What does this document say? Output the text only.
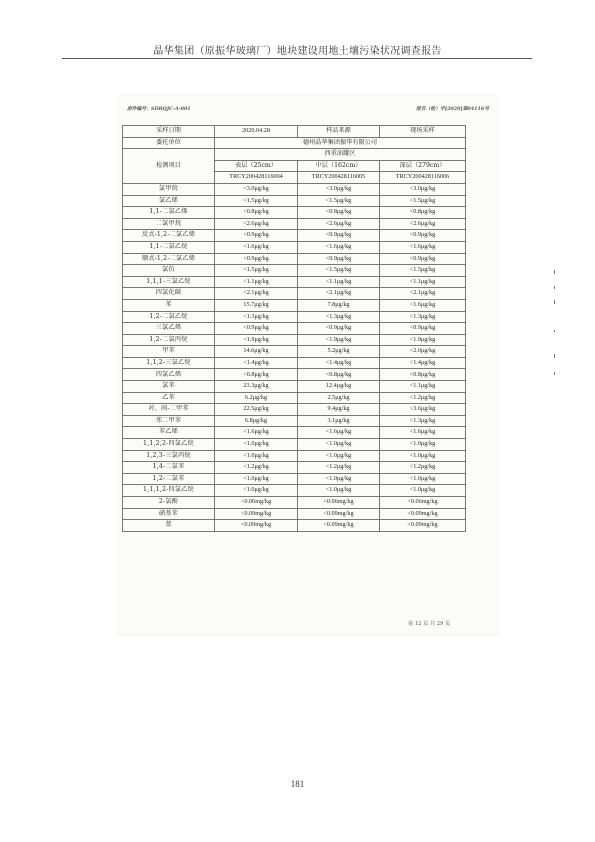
晶华集团（原振华玻璃厂）地块建设用地土壤污染状况调查报告
原件编号：SDBQJC-A-001	报告（检）字[2020]第04116号
采样日期	2020.04.28	样品来源	现场采样
委托单位	德州晶华集团振华有限公司		
检测项目	西重油罐区		
	表层（25cm）	中层（162cm）	深层（279cm）
	TRCY200428116004	TRCY200428116005	TRCY200428116006
氯甲烷	<3.0μg/kg	<3.0μg/kg	<3.0μg/kg
氯乙烯	<1.5μg/kg	<1.5μg/kg	<1.5μg/kg
1,1-二氯乙烯	<0.8μg/kg	<0.8μg/kg	<0.8μg/kg
二氯甲烷	<2.6μg/kg	<2.6μg/kg	<2.6μg/kg
反式-1,2-二氯乙烯	<0.9μg/kg	<0.9μg/kg	<0.9μg/kg
1,1-二氯乙烷	<1.6μg/kg	<1.6μg/kg	<1.6μg/kg
顺式-1,2-二氯乙烯	<0.9μg/kg	<0.9μg/kg	<0.9μg/kg
氯仿	<1.5μg/kg	<1.5μg/kg	<1.5μg/kg
1,1,1-三氯乙烷	<1.1μg/kg	<1.1μg/kg	<1.1μg/kg
四氯化碳	<2.1μg/kg	<2.1μg/kg	<2.1μg/kg
苯	15.7μg/kg	7.8μg/kg	<1.6μg/kg
1,2-二氯乙烷	<1.3μg/kg	<1.3μg/kg	<1.3μg/kg
三氯乙烯	<0.9μg/kg	<0.9μg/kg	<0.9μg/kg
1,2-二氯丙烷	<1.9μg/kg	<1.9μg/kg	<1.9μg/kg
甲苯	14.6μg/kg	5.2μg/kg	<2.0μg/kg
1,1,2-三氯乙烷	<1.4μg/kg	<1.4μg/kg	<1.4μg/kg
四氯乙烯	<0.8μg/kg	<0.8μg/kg	<0.8μg/kg
氯苯	23.3μg/kg	12.4μg/kg	<1.1μg/kg
乙苯	6.2μg/kg	2.5μg/kg	<1.2μg/kg
对、间-二甲苯	22.5μg/kg	9.4μg/kg	<3.6μg/kg
邻二甲苯	6.8μg/kg	3.1μg/kg	<1.3μg/kg
苯乙烯	<1.6μg/kg	<1.6μg/kg	<1.6μg/kg
1,1,2,2-四氯乙烷	<1.0μg/kg	<1.0μg/kg	<1.0μg/kg
1,2,3-三氯丙烷	<1.0μg/kg	<1.0μg/kg	<1.0μg/kg
1,4-二氯苯	<1.2μg/kg	<1.2μg/kg	<1.2μg/kg
1,2-二氯苯	<1.0μg/kg	<1.0μg/kg	<1.0μg/kg
1,1,1,2-四氯乙烷	<1.0μg/kg	<1.0μg/kg	<1.0μg/kg
2-氯酚	<0.06mg/kg	<0.06mg/kg	<0.06mg/kg
硝基苯	<0.09mg/kg	<0.09mg/kg	<0.09mg/kg
萘	<0.09mg/kg	<0.09mg/kg	<0.09mg/kg
第 12 页 共 29 页
181
